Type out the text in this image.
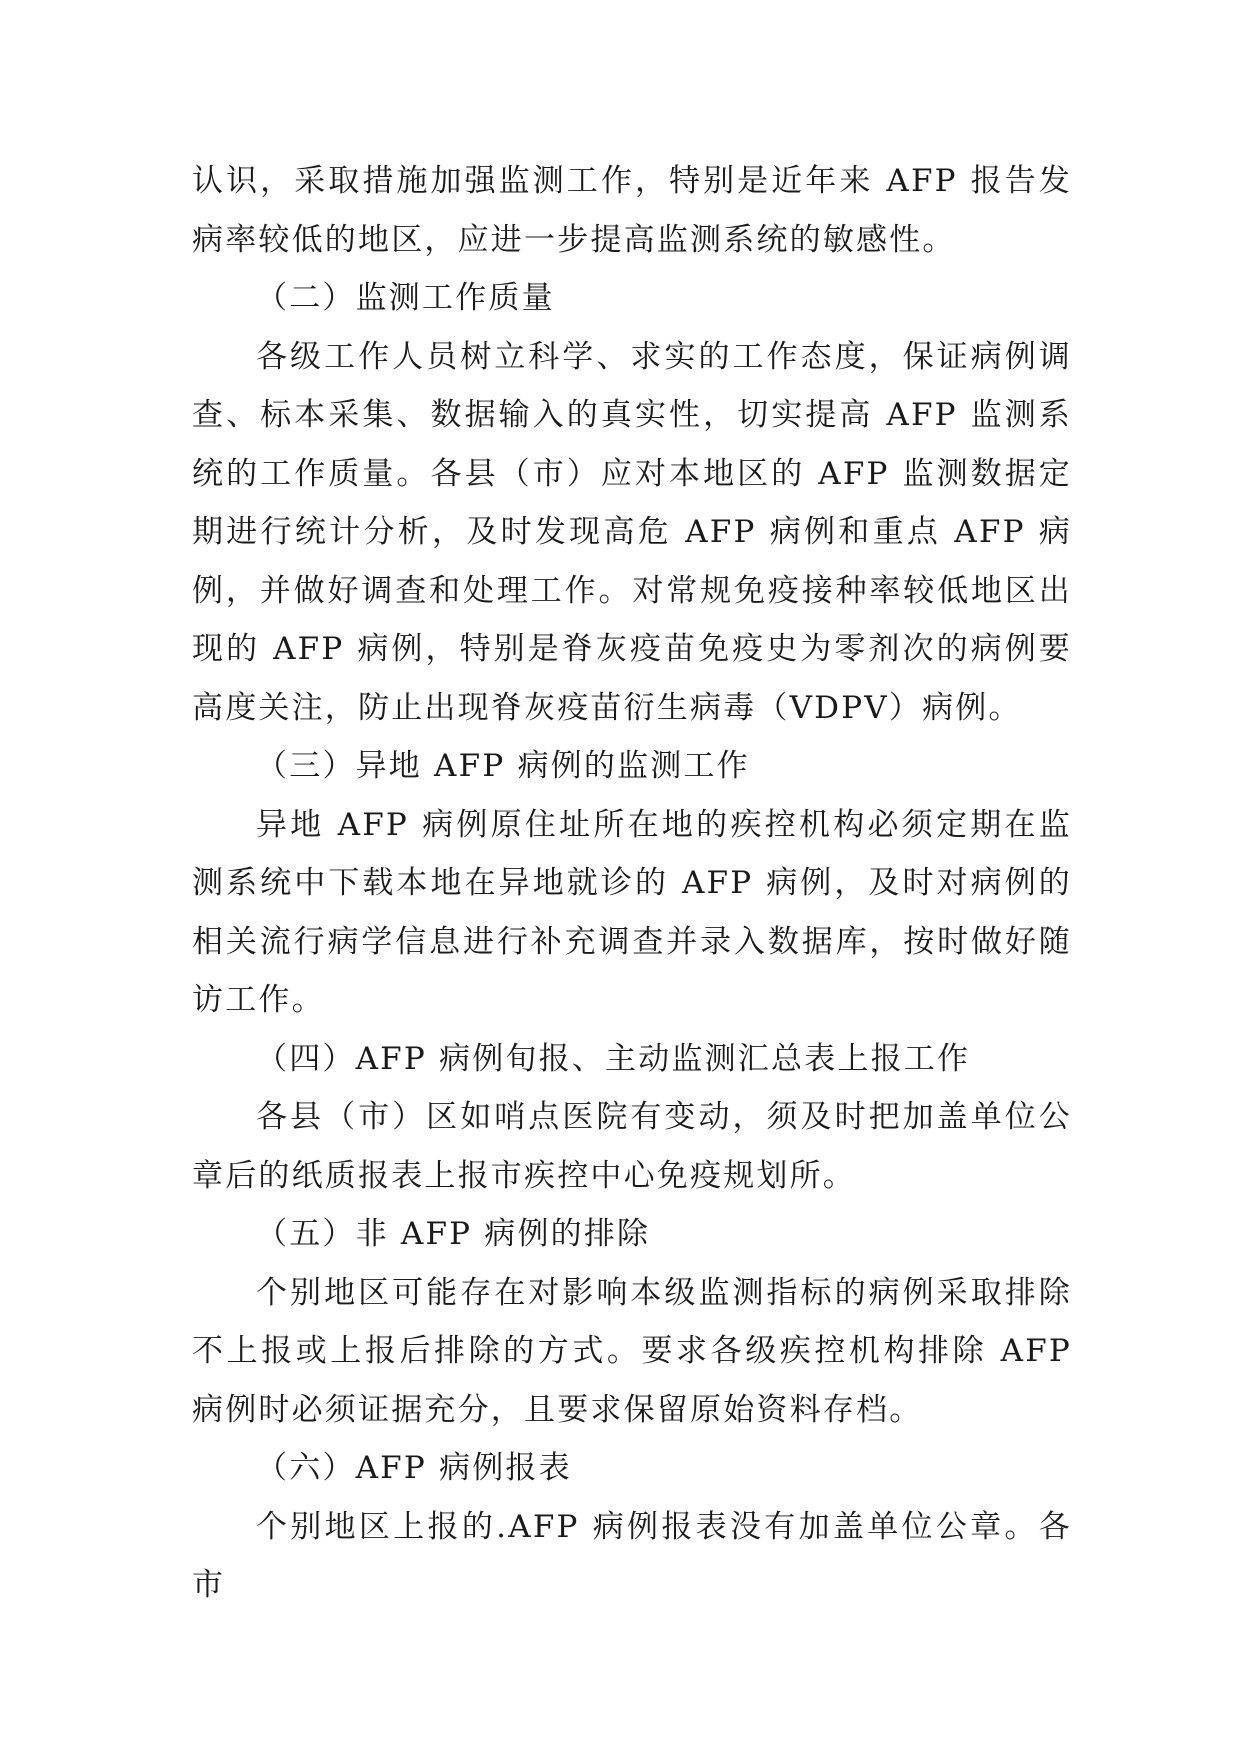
认识，采取措施加强监测工作，特别是近年来 AFP 报告发病率较低的地区，应进一步提高监测系统的敏感性。

（二）监测工作质量

各级工作人员树立科学、求实的工作态度，保证病例调查、标本采集、数据输入的真实性，切实提高 AFP 监测系统的工作质量。各县（市）应对本地区的 AFP 监测数据定期进行统计分析，及时发现高危 AFP 病例和重点 AFP 病例，并做好调查和处理工作。对常规免疫接种率较低地区出现的 AFP 病例，特别是脊灰疫苗免疫史为零剂次的病例要高度关注，防止出现脊灰疫苗衍生病毒（VDPV）病例。

（三）异地 AFP 病例的监测工作

异地 AFP 病例原住址所在地的疾控机构必须定期在监测系统中下载本地在异地就诊的 AFP 病例，及时对病例的相关流行病学信息进行补充调查并录入数据库，按时做好随访工作。

（四）AFP 病例旬报、主动监测汇总表上报工作

各县（市）区如哨点医院有变动，须及时把加盖单位公章后的纸质报表上报市疾控中心免疫规划所。

（五）非 AFP 病例的排除

个别地区可能存在对影响本级监测指标的病例采取排除不上报或上报后排除的方式。要求各级疾控机构排除 AFP 病例时必须证据充分，且要求保留原始资料存档。

（六）AFP 病例报表

个别地区上报的.AFP 病例报表没有加盖单位公章。各市
